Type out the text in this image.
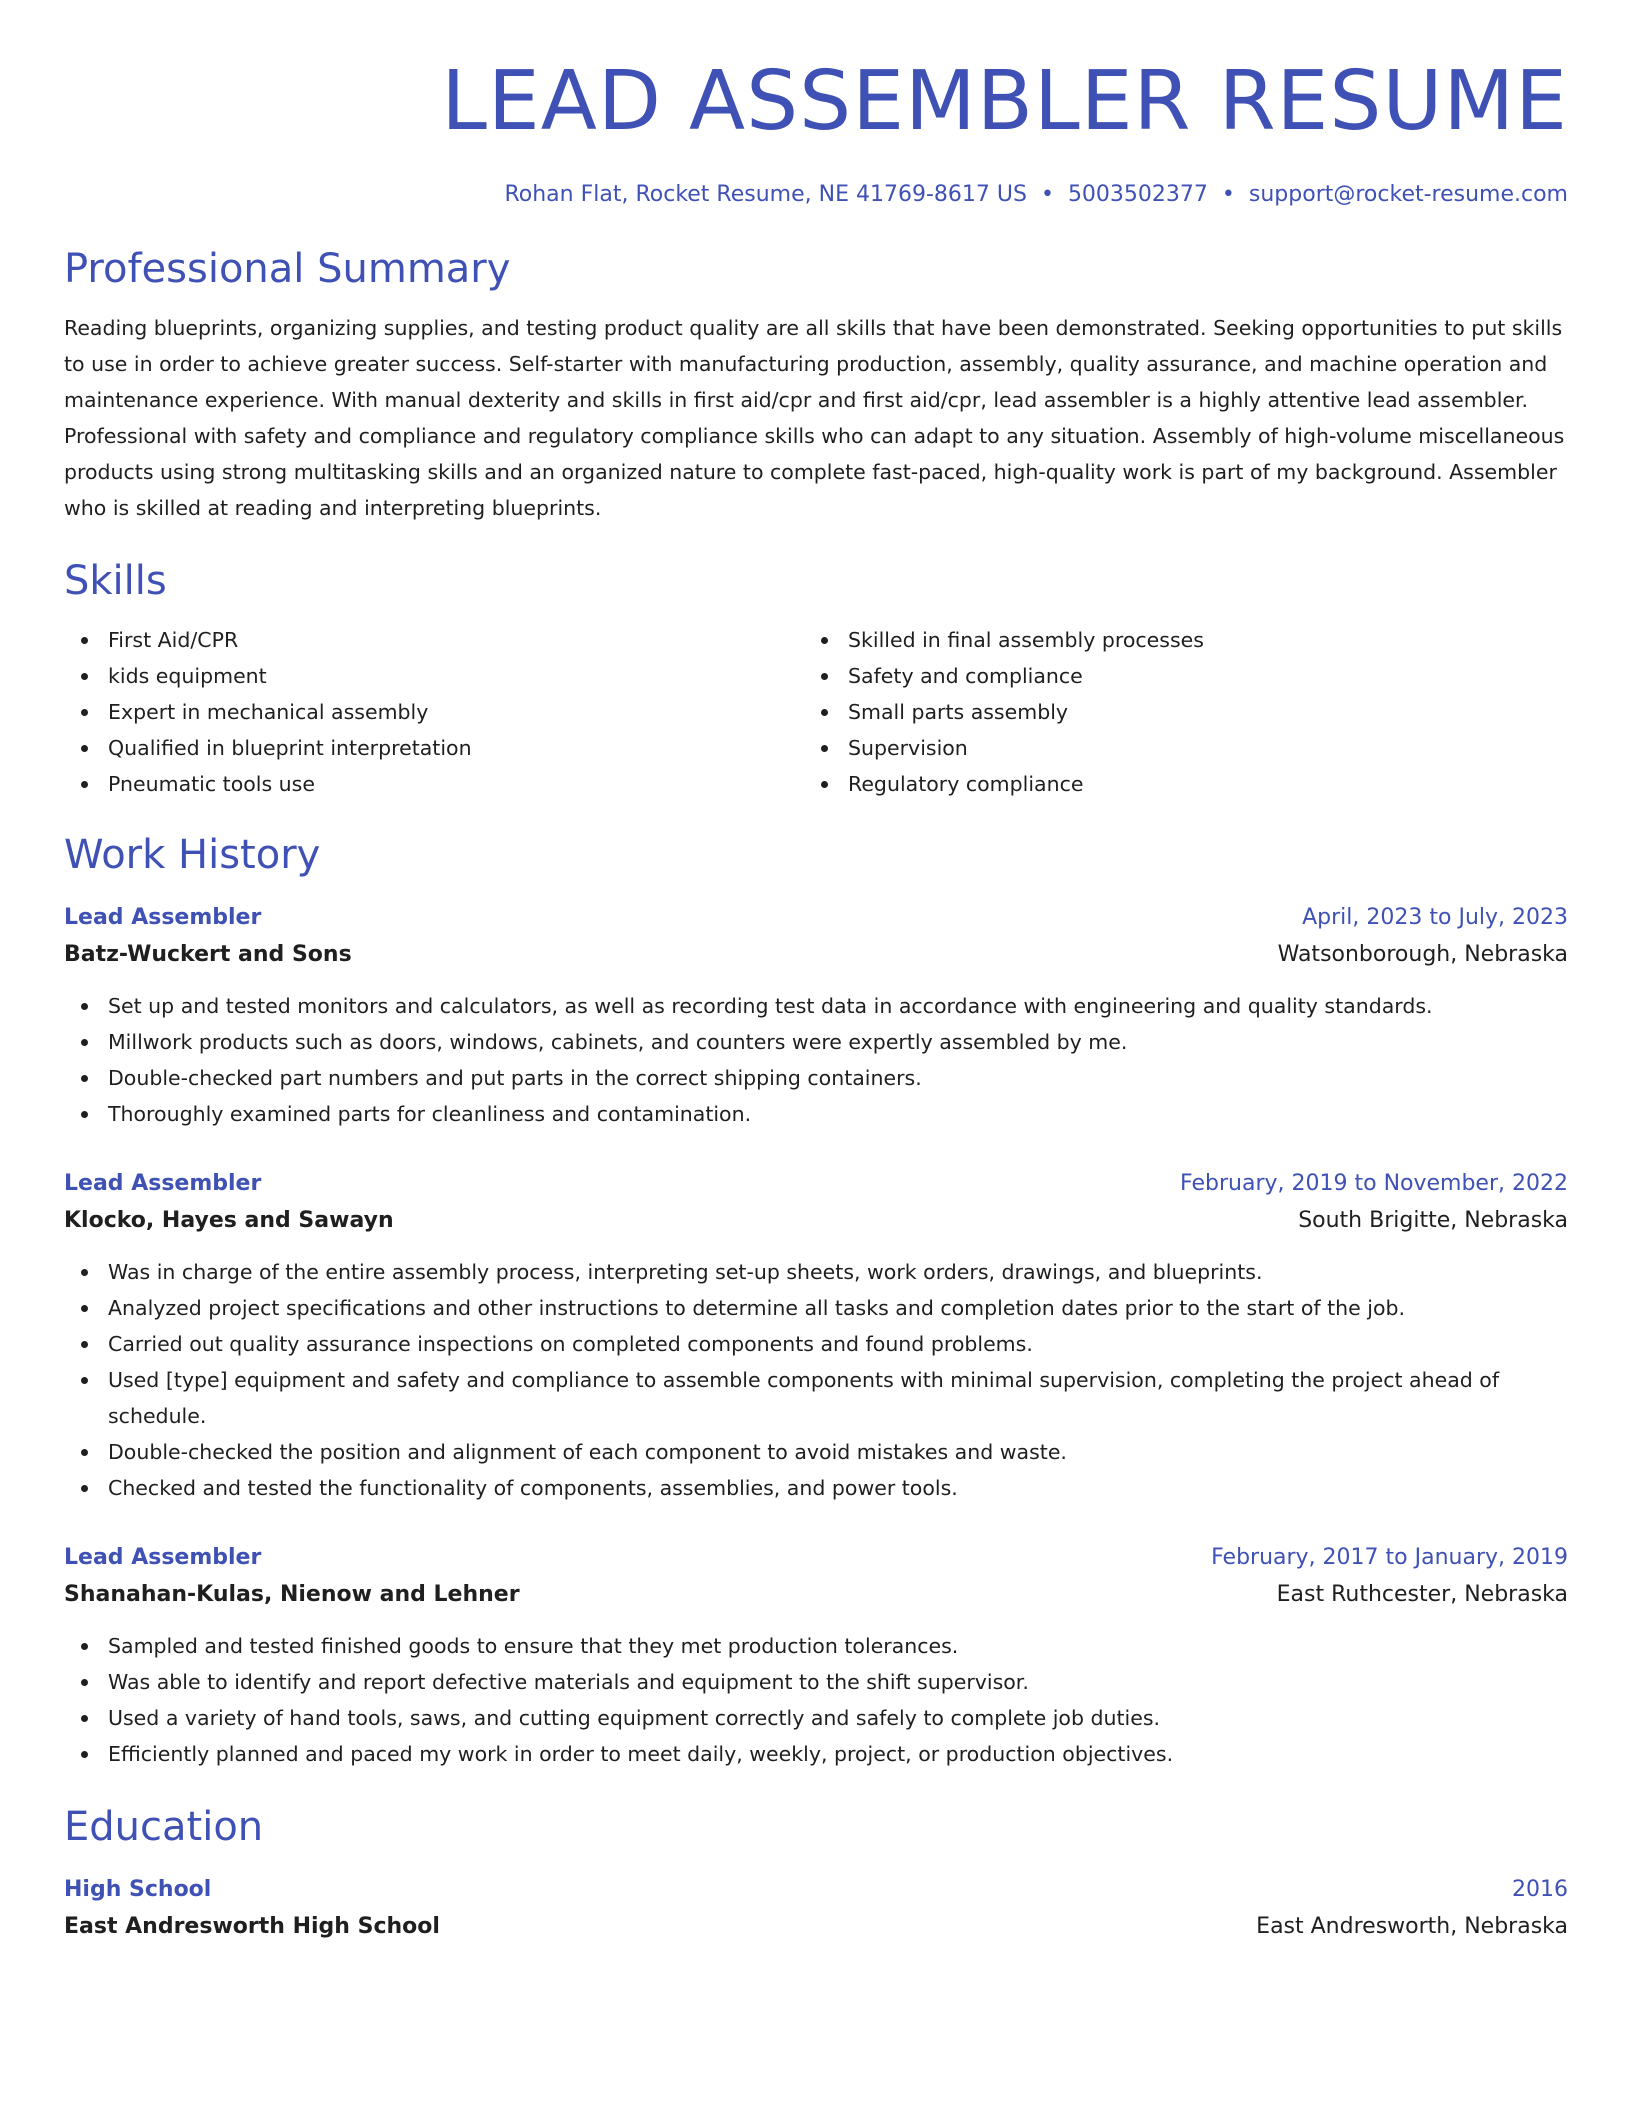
LEAD ASSEMBLER RESUME
Rohan Flat, Rocket Resume, NE 41769-8617 US • 5003502377 • support@rocket-resume.com
Professional Summary
Reading blueprints, organizing supplies, and testing product quality are all skills that have been demonstrated. Seeking opportunities to put skills to use in order to achieve greater success. Self-starter with manufacturing production, assembly, quality assurance, and machine operation and maintenance experience. With manual dexterity and skills in first aid/cpr and first aid/cpr, lead assembler is a highly attentive lead assembler. Professional with safety and compliance and regulatory compliance skills who can adapt to any situation. Assembly of high-volume miscellaneous products using strong multitasking skills and an organized nature to complete fast-paced, high-quality work is part of my background. Assembler who is skilled at reading and interpreting blueprints.
Skills
First Aid/CPR
kids equipment
Expert in mechanical assembly
Qualified in blueprint interpretation
Pneumatic tools use
Skilled in final assembly processes
Safety and compliance
Small parts assembly
Supervision
Regulatory compliance
Work History
Lead Assembler	April, 2023 to July, 2023
Batz-Wuckert and Sons	Watsonborough, Nebraska
Set up and tested monitors and calculators, as well as recording test data in accordance with engineering and quality standards.
Millwork products such as doors, windows, cabinets, and counters were expertly assembled by me.
Double-checked part numbers and put parts in the correct shipping containers.
Thoroughly examined parts for cleanliness and contamination.
Lead Assembler	February, 2019 to November, 2022
Klocko, Hayes and Sawayn	South Brigitte, Nebraska
Was in charge of the entire assembly process, interpreting set-up sheets, work orders, drawings, and blueprints.
Analyzed project specifications and other instructions to determine all tasks and completion dates prior to the start of the job.
Carried out quality assurance inspections on completed components and found problems.
Used [type] equipment and safety and compliance to assemble components with minimal supervision, completing the project ahead of schedule.
Double-checked the position and alignment of each component to avoid mistakes and waste.
Checked and tested the functionality of components, assemblies, and power tools.
Lead Assembler	February, 2017 to January, 2019
Shanahan-Kulas, Nienow and Lehner	East Ruthcester, Nebraska
Sampled and tested finished goods to ensure that they met production tolerances.
Was able to identify and report defective materials and equipment to the shift supervisor.
Used a variety of hand tools, saws, and cutting equipment correctly and safely to complete job duties.
Efficiently planned and paced my work in order to meet daily, weekly, project, or production objectives.
Education
High School	2016
East Andresworth High School	East Andresworth, Nebraska
